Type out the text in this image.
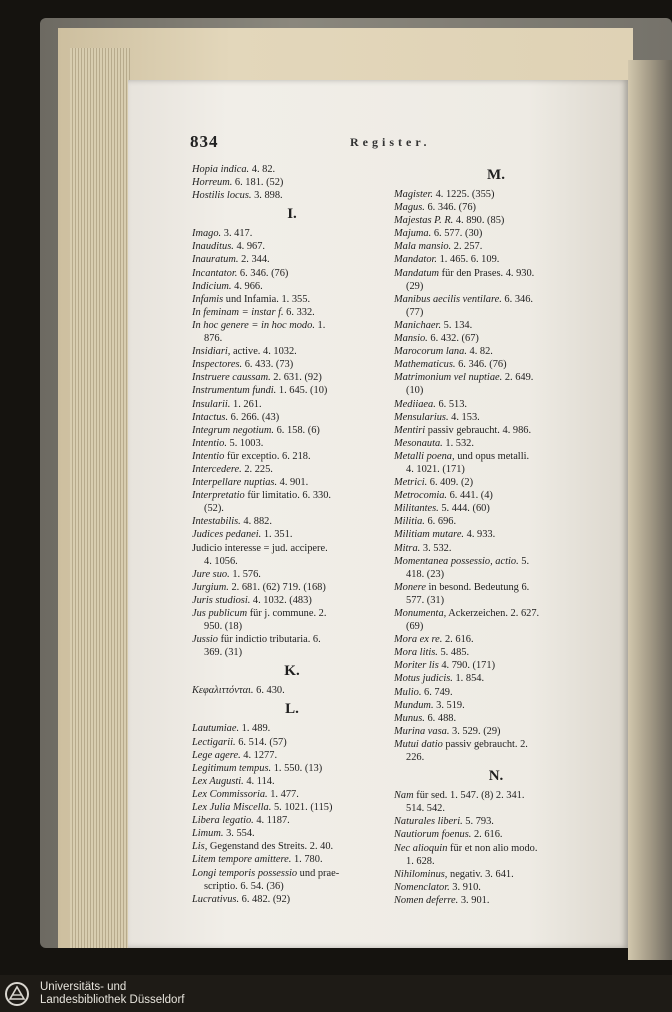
834	Register.
Hopia indica. 4. 82.
Horreum. 6. 181. (52)
Hostilis locus. 3. 898.
I.
Imago. 3. 417.
Inauditus. 4. 967.
Inauratum. 2. 344.
Incantator. 6. 346. (76)
Indicium. 4. 966.
Infamis und Infamia. 1. 355.
In feminam = instar f. 6. 332.
In hoc genere = in hoc modo. 1.
876.
Insidiari, active. 4. 1032.
Inspectores. 6. 433. (73)
Instruere caussam. 2. 631. (92)
Instrumentum fundi. 1. 645. (10)
Insularii. 1. 261.
Intactus. 6. 266. (43)
Integrum negotium. 6. 158. (6)
Intentio. 5. 1003.
Intentio für exceptio. 6. 218.
Intercedere. 2. 225.
Interpellare nuptias. 4. 901.
Interpretatio für limitatio. 6. 330.
(52).
Intestabilis. 4. 882.
Judices pedanei. 1. 351.
Judicio interesse = jud. accipere.
4. 1056.
Jure suo. 1. 576.
Jurgium. 2. 681. (62) 719. (168)
Juris studiosi. 4. 1032. (483)
Jus publicum für j. commune. 2.
950. (18)
Jussio für indictio tributaria. 6.
369. (31)
K.
Κεφαλιττόνται. 6. 430.
L.
Lautumiae. 1. 489.
Lectigarii. 6. 514. (57)
Lege agere. 4. 1277.
Legitimum tempus. 1. 550. (13)
Lex Augusti. 4. 114.
Lex Commissoria. 1. 477.
Lex Julia Miscella. 5. 1021. (115)
Libera legatio. 4. 1187.
Limum. 3. 554.
Lis, Gegenstand des Streits. 2. 40.
Litem tempore amittere. 1. 780.
Longi temporis possessio und prae-
scriptio. 6. 54. (36)
Lucrativus. 6. 482. (92)
M.
Magister. 4. 1225. (355)
Magus. 6. 346. (76)
Majestas P. R. 4. 890. (85)
Majuma. 6. 577. (30)
Mala mansio. 2. 257.
Mandator. 1. 465. 6. 109.
Mandatum für den Prases. 4. 930.
(29)
Manibus aecilis ventilare. 6. 346.
(77)
Manichaer. 5. 134.
Mansio. 6. 432. (67)
Marocorum lana. 4. 82.
Mathematicus. 6. 346. (76)
Matrimonium vel nuptiae. 2. 649.
(10)
Mediiaea. 6. 513.
Mensularius. 4. 153.
Mentiri passiv gebraucht. 4. 986.
Mesonauta. 1. 532.
Metalli poena, und opus metalli.
4. 1021. (171)
Metrici. 6. 409. (2)
Metrocomia. 6. 441. (4)
Militantes. 5. 444. (60)
Militia. 6. 696.
Militiam mutare. 4. 933.
Mitra. 3. 532.
Momentanea possessio, actio. 5.
418. (23)
Monere in besond. Bedeutung 6.
577. (31)
Monumenta, Ackerzeichen. 2. 627.
(69)
Mora ex re. 2. 616.
Mora litis. 5. 485.
Moriter lis 4. 790. (171)
Motus judicis. 1. 854.
Mulio. 6. 749.
Mundum. 3. 519.
Munus. 6. 488.
Murina vasa. 3. 529. (29)
Mutui datio passiv gebraucht. 2.
226.
N.
Nam für sed. 1. 547. (8) 2. 341.
514. 542.
Naturales liberi. 5. 793.
Nautiorum foenus. 2. 616.
Nec alioquin für et non alio modo.
1. 628.
Nihilominus, negativ. 3. 641.
Nomenclator. 3. 910.
Nomen deferre. 3. 901.
Universitäts- und
Landesbibliothek Düsseldorf
